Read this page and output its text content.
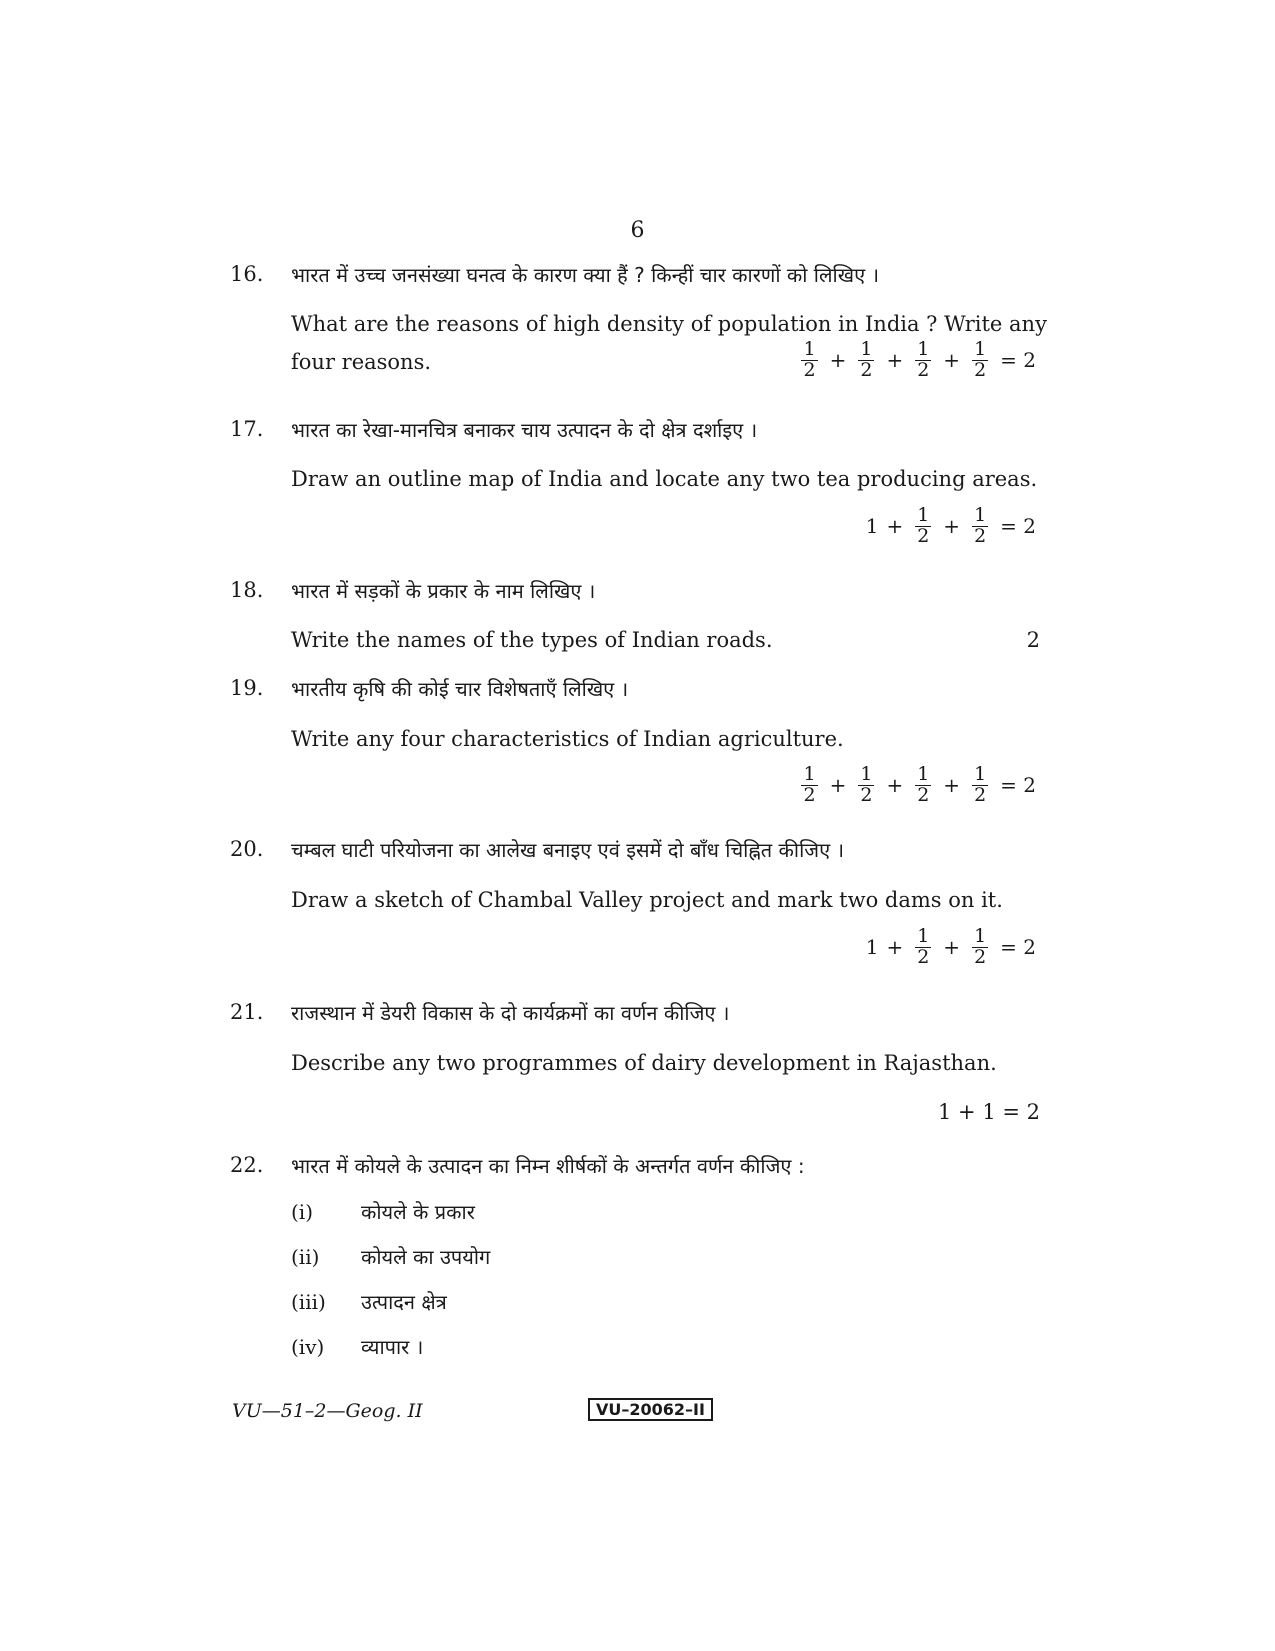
6
16. भारत में उच्च जनसंख्या घनत्व के कारण क्या हैं ? किन्हीं चार कारणों को लिखिए ।
What are the reasons of high density of population in India ? Write any
four reasons.	$\frac{1}{2} + \frac{1}{2} + \frac{1}{2} + \frac{1}{2} = 2$
17. भारत का रेखा-मानचित्र बनाकर चाय उत्पादन के दो क्षेत्र दर्शाइए ।
Draw an outline map of India and locate any two tea producing areas.
$1 + \frac{1}{2} + \frac{1}{2} = 2$
18. भारत में सड़कों के प्रकार के नाम लिखिए ।
Write the names of the types of Indian roads.	2
19. भारतीय कृषि की कोई चार विशेषताएँ लिखिए ।
Write any four characteristics of Indian agriculture.
$\frac{1}{2} + \frac{1}{2} + \frac{1}{2} + \frac{1}{2} = 2$
20. चम्बल घाटी परियोजना का आलेख बनाइए एवं इसमें दो बाँध चिह्नित कीजिए ।
Draw a sketch of Chambal Valley project and mark two dams on it.
$1 + \frac{1}{2} + \frac{1}{2} = 2$
21. राजस्थान में डेयरी विकास के दो कार्यक्रमों का वर्णन कीजिए ।
Describe any two programmes of dairy development in Rajasthan.
1 + 1 = 2
22. भारत में कोयले के उत्पादन का निम्न शीर्षकों के अन्तर्गत वर्णन कीजिए :
(i) कोयले के प्रकार
(ii) कोयले का उपयोग
(iii) उत्पादन क्षेत्र
(iv) व्यापार ।
VU—51–2—Geog. II	VU–20062–II
